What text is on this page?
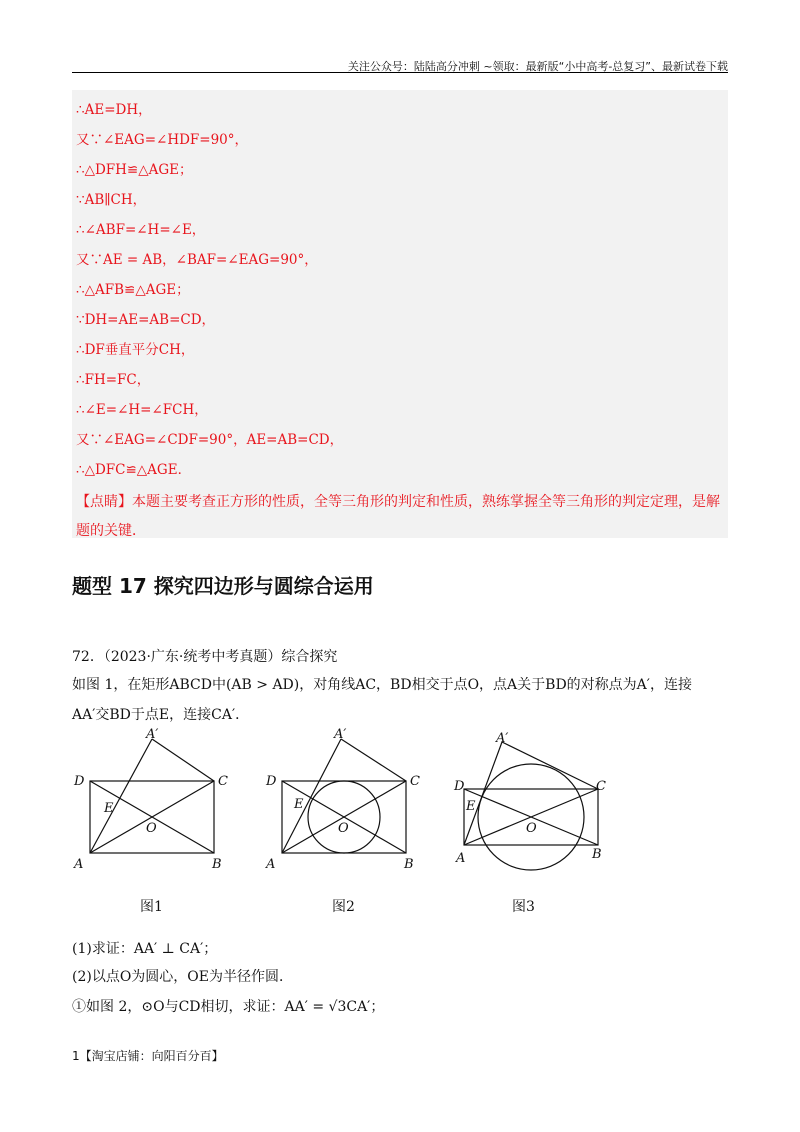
关注公众号：陆陆高分冲刺 ~领取：最新版“小中高考-总复习”、最新试卷下载
∴AE=DH，
又∵∠EAG=∠HDF=90°，
∴△DFH≌△AGE；
∵AB∥CH，
∴∠ABF=∠H=∠E，
又∵AE = AB，∠BAF=∠EAG=90°，
∴△AFB≌△AGE；
∵DH=AE=AB=CD，
∴DF垂直平分CH，
∴FH=FC，
∴∠E=∠H=∠FCH，
又∵∠EAG=∠CDF=90°，AE=AB=CD，
∴△DFC≌△AGE．
【点睛】本题主要考查正方形的性质，全等三角形的判定和性质，熟练掌握全等三角形的判定定理，是解题的关键．
题型 17 探究四边形与圆综合运用
72．（2023·广东·统考中考真题）综合探究
如图 1，在矩形ABCD中(AB > AD)，对角线AC，BD相交于点O，点A关于BD的对称点为A′，连接
AA′交BD于点E，连接CA′．
A′
D	C
E
O
A	B
A′
D	C
E
O
A	B
A′
D	C
E
O
A	B
图1	图2	图3
(1)求证：AA′ ⊥ CA′；
(2)以点O为圆心，OE为半径作圆．
①如图 2，⊙O与CD相切，求证：AA′ = √3CA′；
1【淘宝店铺：向阳百分百】
